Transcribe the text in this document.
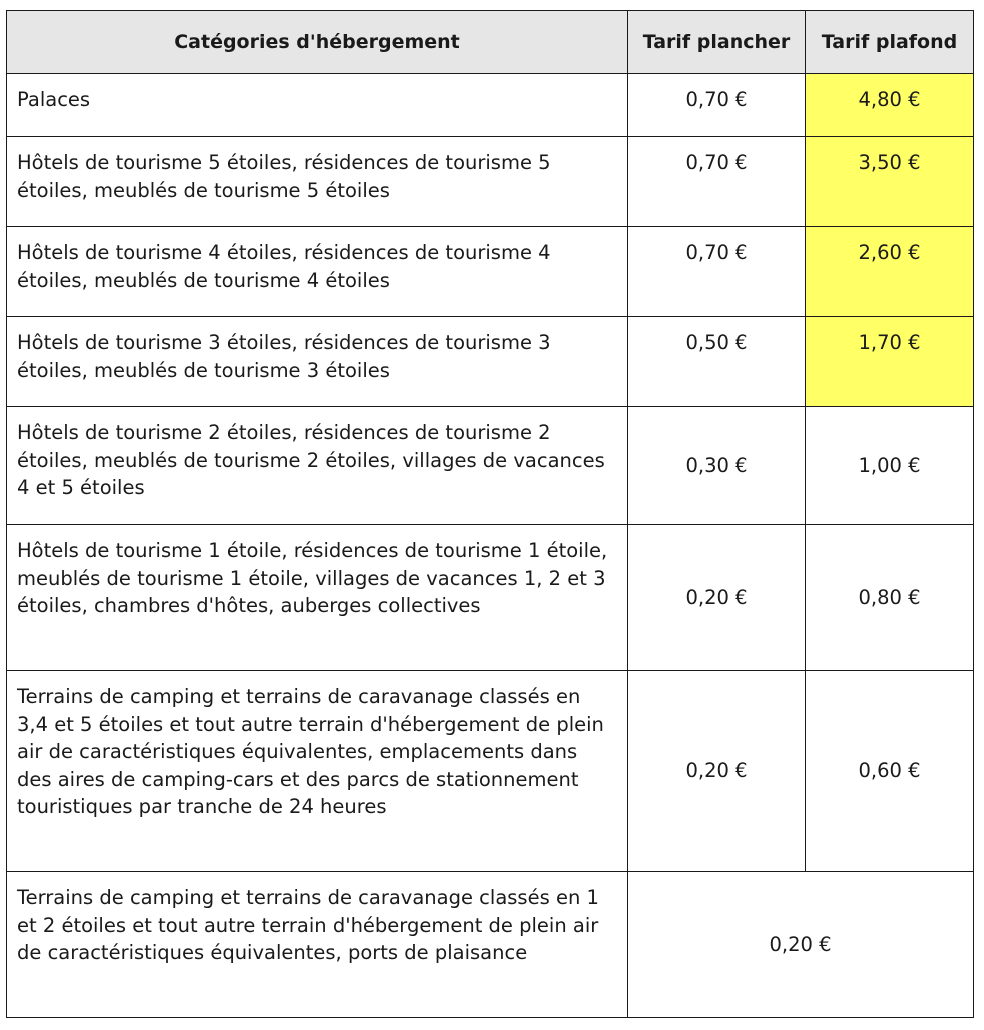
Catégories d'hébergement	Tarif plancher	Tarif plafond
Palaces	0,70 €	4,80 €
Hôtels de tourisme 5 étoiles, résidences de tourisme 5 étoiles, meublés de tourisme 5 étoiles	0,70 €	3,50 €
Hôtels de tourisme 4 étoiles, résidences de tourisme 4 étoiles, meublés de tourisme 4 étoiles	0,70 €	2,60 €
Hôtels de tourisme 3 étoiles, résidences de tourisme 3 étoiles, meublés de tourisme 3 étoiles	0,50 €	1,70 €
Hôtels de tourisme 2 étoiles, résidences de tourisme 2 étoiles, meublés de tourisme 2 étoiles, villages de vacances 4 et 5 étoiles	0,30 €	1,00 €
Hôtels de tourisme 1 étoile, résidences de tourisme 1 étoile, meublés de tourisme 1 étoile, villages de vacances 1, 2 et 3 étoiles, chambres d'hôtes, auberges collectives	0,20 €	0,80 €
Terrains de camping et terrains de caravanage classés en 3,4 et 5 étoiles et tout autre terrain d'hébergement de plein air de caractéristiques équivalentes, emplacements dans des aires de camping-cars et des parcs de stationnement touristiques par tranche de 24 heures	0,20 €	0,60 €
Terrains de camping et terrains de caravanage classés en 1 et 2 étoiles et tout autre terrain d'hébergement de plein air de caractéristiques équivalentes, ports de plaisance	0,20 €	
